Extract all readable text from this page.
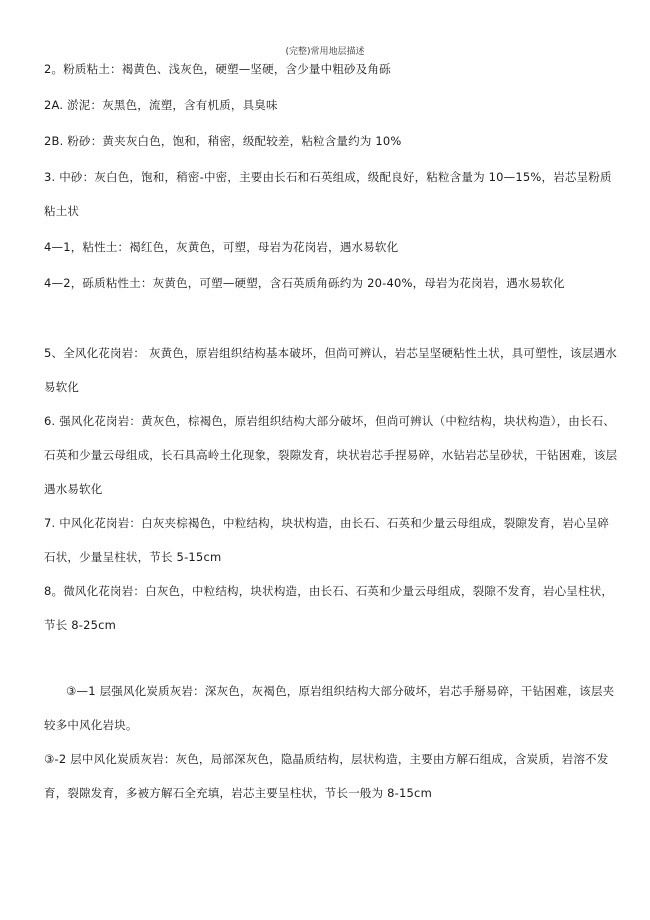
(完整)常用地层描述

2。粉质粘土：褐黄色、浅灰色，硬塑—坚硬，含少量中粗砂及角砾

2A. 淤泥：灰黑色，流塑，含有机质，具臭味

2B. 粉砂：黄夹灰白色，饱和，稍密，级配较差，粘粒含量约为 10%

3. 中砂：灰白色，饱和，稍密-中密，主要由长石和石英组成，级配良好，粘粒含量为 10—15%，岩芯呈粉质粘土状

4—1，粘性土：褐红色，灰黄色，可塑，母岩为花岗岩，遇水易软化

4—2，砾质粘性土：灰黄色，可塑—硬塑，含石英质角砾约为 20-40%，母岩为花岗岩，遇水易软化

5、全风化花岗岩： 灰黄色，原岩组织结构基本破坏，但尚可辨认，岩芯呈坚硬粘性土状，具可塑性，该层遇水易软化

6. 强风化花岗岩：黄灰色，棕褐色，原岩组织结构大部分破坏，但尚可辨认（中粒结构，块状构造），由长石、石英和少量云母组成，长石具高岭土化现象，裂隙发育，块状岩芯手捏易碎，水钻岩芯呈砂状，干钻困难，该层遇水易软化

7. 中风化花岗岩：白灰夹棕褐色，中粒结构，块状构造，由长石、石英和少量云母组成，裂隙发育，岩心呈碎石状，少量呈柱状，节长 5-15cm

8。微风化花岗岩：白灰色，中粒结构，块状构造，由长石、石英和少量云母组成，裂隙不发育，岩心呈柱状，节长 8-25cm

③—1 层强风化炭质灰岩：深灰色，灰褐色，原岩组织结构大部分破坏，岩芯手掰易碎，干钻困难，该层夹较多中风化岩块。

③-2 层中风化炭质灰岩：灰色，局部深灰色，隐晶质结构，层状构造，主要由方解石组成，含炭质，岩溶不发育，裂隙发育，多被方解石全充填，岩芯主要呈柱状，节长一般为 8-15cm
